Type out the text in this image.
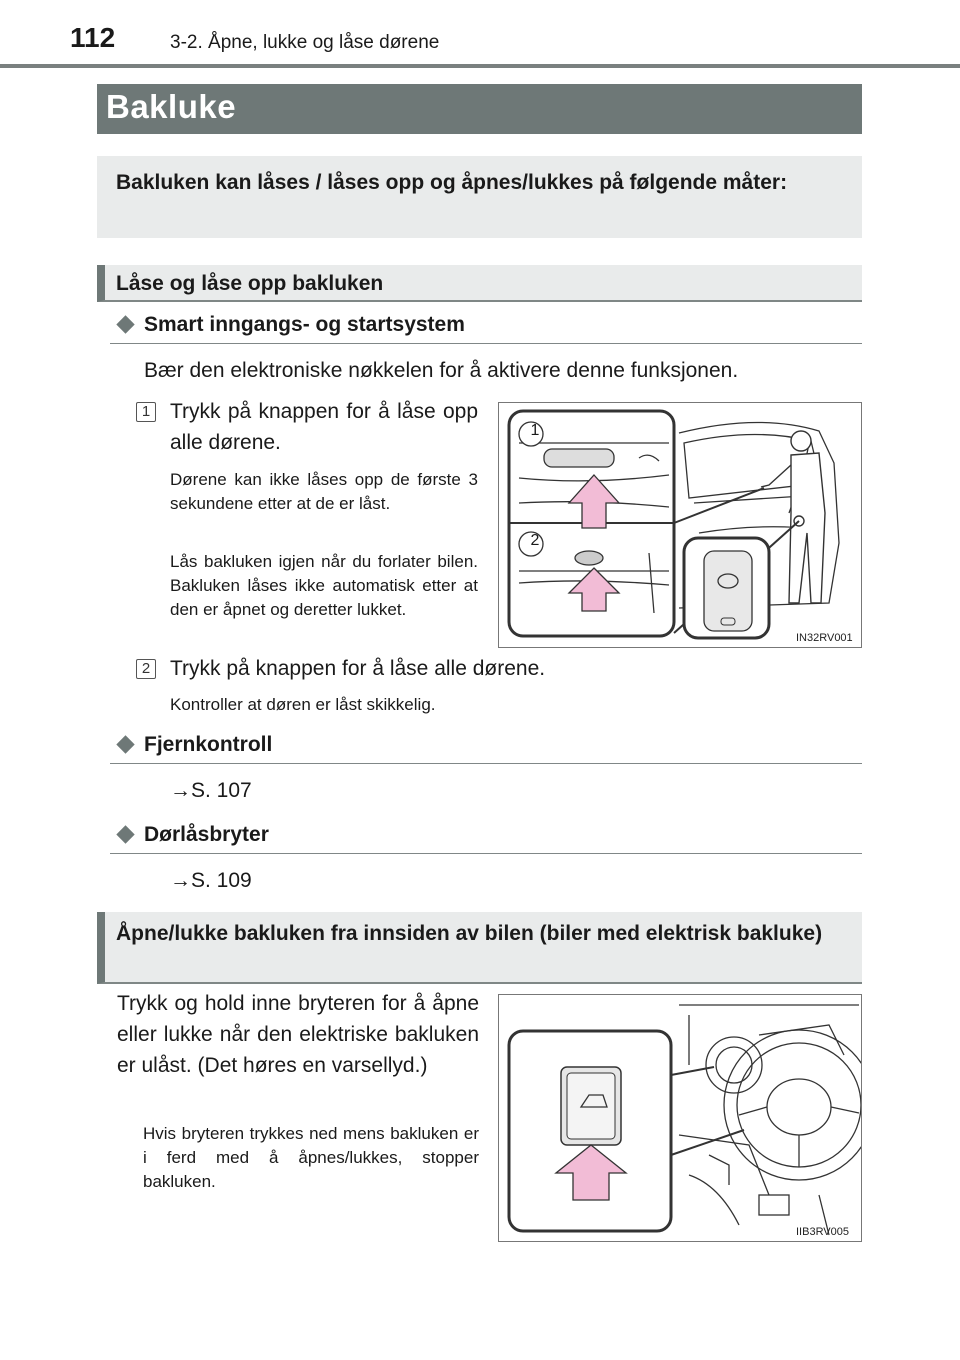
112	3-2. Åpne, lukke og låse dørene
Bakluke
Bakluken kan låses / låses opp og åpnes/lukkes på følgende måter:
Låse og låse opp bakluken
Smart inngangs- og startsystem
Bær den elektroniske nøkkelen for å aktivere denne funksjonen.
1 Trykk på knappen for å låse opp alle dørene.
Dørene kan ikke låses opp de første 3 sekundene etter at de er låst.
Lås bakluken igjen når du forlater bilen. Bakluken låses ikke automatisk etter at den er åpnet og deretter lukket.
1
2
IN32RV001
2 Trykk på knappen for å låse alle dørene.
Kontroller at døren er låst skikkelig.
Fjernkontroll
→S. 107
Dørlåsbryter
→S. 109
Åpne/lukke bakluken fra innsiden av bilen (biler med elektrisk bakluke)
Trykk og hold inne bryteren for å åpne eller lukke når den elektriske bakluken er ulåst. (Det høres en varsellyd.)
Hvis bryteren trykkes ned mens bakluken er i ferd med å åpnes/lukkes, stopper bakluken.
IIB3RV005
